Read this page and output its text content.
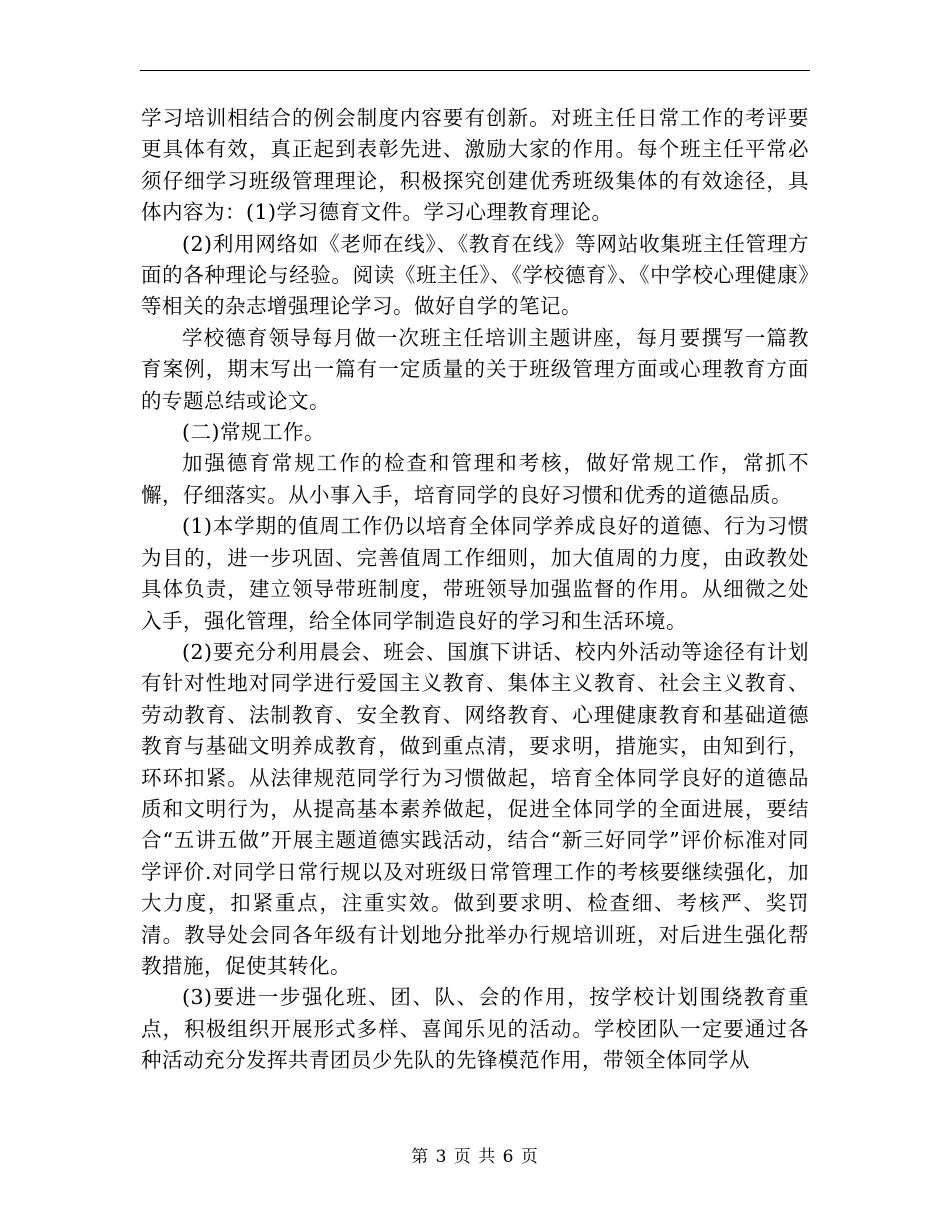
学习培训相结合的例会制度内容要有创新。对班主任日常工作的考评要更具体有效，真正起到表彰先进、激励大家的作用。每个班主任平常必须仔细学习班级管理理论，积极探究创建优秀班级集体的有效途径，具体内容为：(1)学习德育文件。学习心理教育理论。

(2)利用网络如《老师在线》、《教育在线》等网站收集班主任管理方面的各种理论与经验。阅读《班主任》、《学校德育》、《中学校心理健康》等相关的杂志增强理论学习。做好自学的笔记。

学校德育领导每月做一次班主任培训主题讲座，每月要撰写一篇教育案例，期末写出一篇有一定质量的关于班级管理方面或心理教育方面的专题总结或论文。

(二)常规工作。

加强德育常规工作的检查和管理和考核，做好常规工作，常抓不懈，仔细落实。从小事入手，培育同学的良好习惯和优秀的道德品质。

(1)本学期的值周工作仍以培育全体同学养成良好的道德、行为习惯为目的，进一步巩固、完善值周工作细则，加大值周的力度，由政教处具体负责，建立领导带班制度，带班领导加强监督的作用。从细微之处入手，强化管理，给全体同学制造良好的学习和生活环境。

(2)要充分利用晨会、班会、国旗下讲话、校内外活动等途径有计划有针对性地对同学进行爱国主义教育、集体主义教育、社会主义教育、劳动教育、法制教育、安全教育、网络教育、心理健康教育和基础道德教育与基础文明养成教育，做到重点清，要求明，措施实，由知到行，环环扣紧。从法律规范同学行为习惯做起，培育全体同学良好的道德品质和文明行为，从提高基本素养做起，促进全体同学的全面进展，要结合“五讲五做”开展主题道德实践活动，结合“新三好同学”评价标准对同学评价.对同学日常行规以及对班级日常管理工作的考核要继续强化，加大力度，扣紧重点，注重实效。做到要求明、检查细、考核严、奖罚清。教导处会同各年级有计划地分批举办行规培训班，对后进生强化帮教措施，促使其转化。

(3)要进一步强化班、团、队、会的作用，按学校计划围绕教育重点，积极组织开展形式多样、喜闻乐见的活动。学校团队一定要通过各种活动充分发挥共青团员少先队的先锋模范作用，带领全体同学从

第 3 页 共 6 页
